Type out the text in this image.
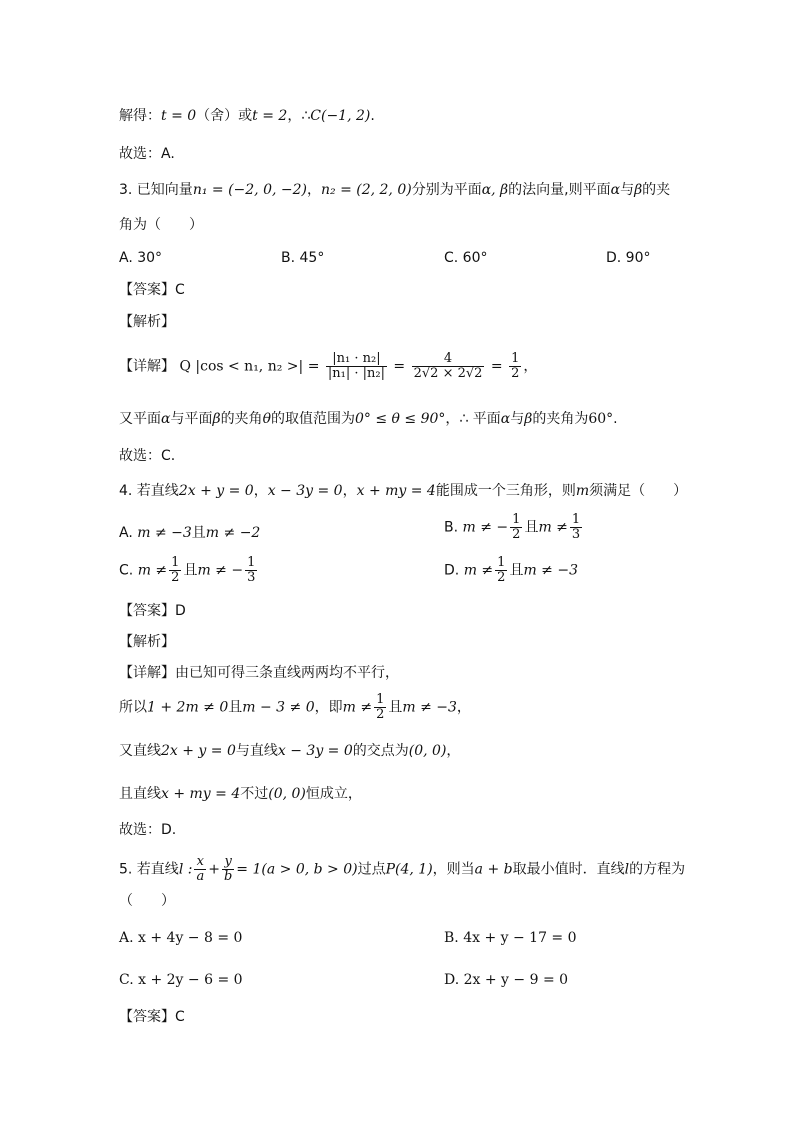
解得：t = 0（舍）或t = 2，∴C(−1, 2).
故选：A.
3. 已知向量n₁ = (−2, 0, −2)，n₂ = (2, 2, 0)分别为平面α, β的法向量,则平面α与β的夹
角为（　　）
A. 30°	B. 45°	C. 60°	D. 90°
【答案】C
【解析】
【详解】 Q |cos < n₁, n₂ >| = $\frac{\text{|n₁ · n₂|}}{\text{|n₁| · |n₂|}} = \frac{4}{2√2 \times 2√2} = \frac{1}{2}$ ，
又平面α与平面β的夹角θ的取值范围为0° ≤ θ ≤ 90°，∴ 平面α与β的夹角为60°.
故选：C.
4. 若直线2x + y = 0，x − 3y = 0，x + my = 4能围成一个三角形，则m须满足（　　）
A. m ≠ −3且m ≠ −2	B. m ≠ − $\frac{1}{2}$ 且$m \ne \frac{1}{3}$
C. $m \ne \frac{1}{2}$ 且m ≠ − $\frac{1}{3}$	D. $m \ne \frac{1}{2}$ 且m ≠ −3
【答案】D
【解析】
【详解】由已知可得三条直线两两均不平行，
所以1 + 2m ≠ 0且m − 3 ≠ 0，即$m \ne \frac{1}{2}$ 且m ≠ −3，
又直线2x + y = 0与直线x − 3y = 0的交点为(0, 0)，
且直线x + my = 4不过(0, 0)恒成立，
故选：D.
5. 若直线l : $\frac{x}{a} + \frac{y}{b} = 1(a > 0$, b > 0)过点P(4, 1)，则当a + b取最小值时．直线l的方程为
（　　）
A. x + 4y − 8 = 0	B. 4x + y − 17 = 0
C. x + 2y − 6 = 0	D. 2x + y − 9 = 0
【答案】C
